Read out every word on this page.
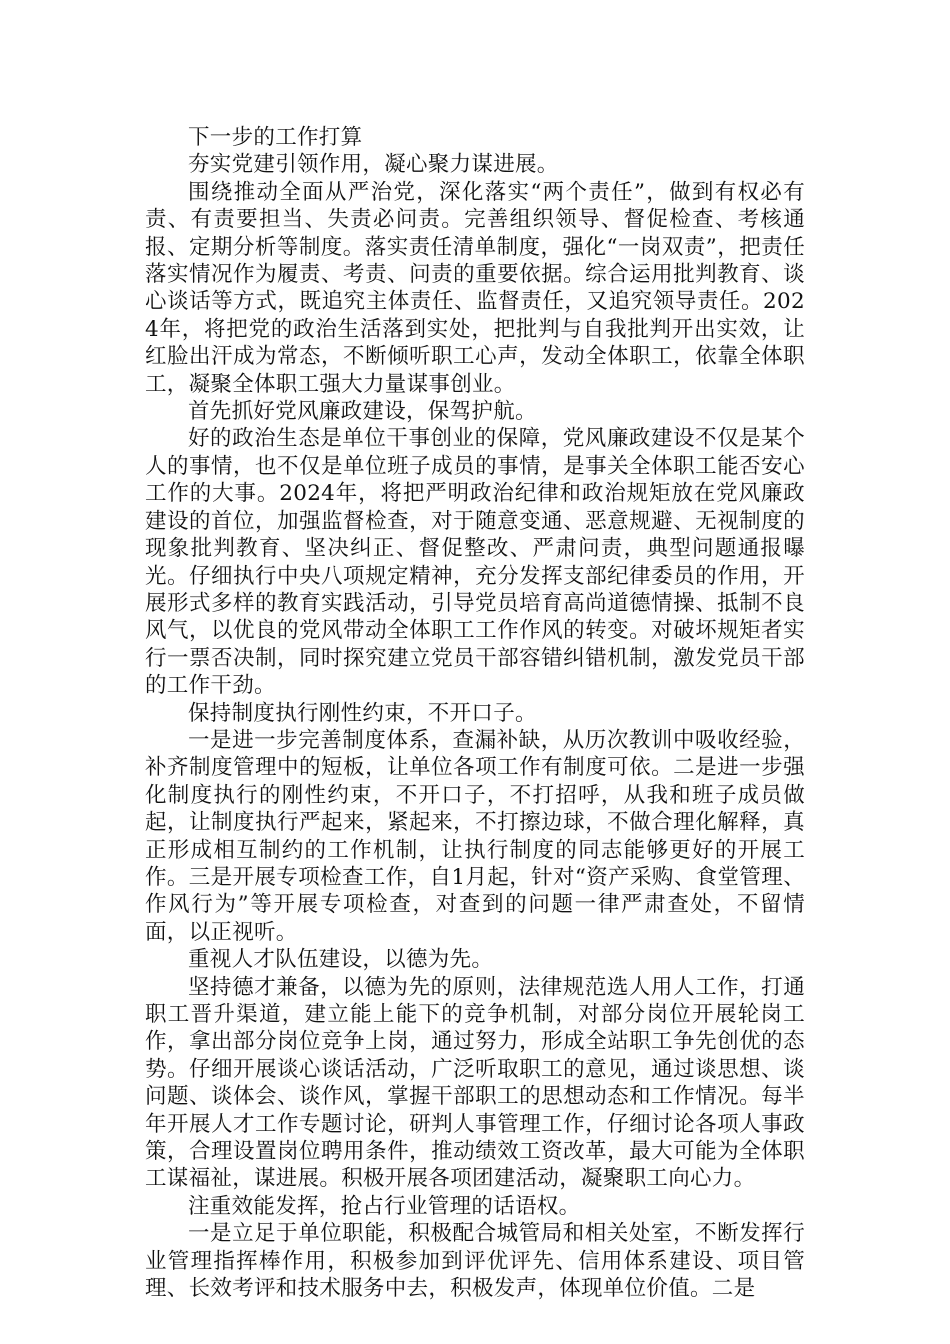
下一步的工作打算

夯实党建引领作用，凝心聚力谋进展。

围绕推动全面从严治党，深化落实“两个责任”，做到有权必有责、有责要担当、失责必问责。完善组织领导、督促检查、考核通报、定期分析等制度。落实责任清单制度，强化“一岗双责”，把责任落实情况作为履责、考责、问责的重要依据。综合运用批判教育、谈心谈话等方式，既追究主体责任、监督责任，又追究领导责任。2024年，将把党的政治生活落到实处，把批判与自我批判开出实效，让红脸出汗成为常态，不断倾听职工心声，发动全体职工，依靠全体职工，凝聚全体职工强大力量谋事创业。

首先抓好党风廉政建设，保驾护航。

好的政治生态是单位干事创业的保障，党风廉政建设不仅是某个人的事情，也不仅是单位班子成员的事情，是事关全体职工能否安心工作的大事。2024年，将把严明政治纪律和政治规矩放在党风廉政建设的首位，加强监督检查，对于随意变通、恶意规避、无视制度的现象批判教育、坚决纠正、督促整改、严肃问责，典型问题通报曝光。仔细执行中央八项规定精神，充分发挥支部纪律委员的作用，开展形式多样的教育实践活动，引导党员培育高尚道德情操、抵制不良风气，以优良的党风带动全体职工工作作风的转变。对破坏规矩者实行一票否决制，同时探究建立党员干部容错纠错机制，激发党员干部的工作干劲。

保持制度执行刚性约束，不开口子。

一是进一步完善制度体系，查漏补缺，从历次教训中吸收经验，补齐制度管理中的短板，让单位各项工作有制度可依。二是进一步强化制度执行的刚性约束，不开口子，不打招呼，从我和班子成员做起，让制度执行严起来，紧起来，不打擦边球，不做合理化解释，真正形成相互制约的工作机制，让执行制度的同志能够更好的开展工作。三是开展专项检查工作，自1月起，针对“资产采购、食堂管理、作风行为”等开展专项检查，对查到的问题一律严肃查处，不留情面，以正视听。

重视人才队伍建设，以德为先。

坚持德才兼备，以德为先的原则，法律规范选人用人工作，打通职工晋升渠道，建立能上能下的竞争机制，对部分岗位开展轮岗工作，拿出部分岗位竞争上岗，通过努力，形成全站职工争先创优的态势。仔细开展谈心谈话活动，广泛听取职工的意见，通过谈思想、谈问题、谈体会、谈作风，掌握干部职工的思想动态和工作情况。每半年开展人才工作专题讨论，研判人事管理工作，仔细讨论各项人事政策，合理设置岗位聘用条件，推动绩效工资改革，最大可能为全体职工谋福祉，谋进展。积极开展各项团建活动，凝聚职工向心力。

注重效能发挥，抢占行业管理的话语权。

一是立足于单位职能，积极配合城管局和相关处室，不断发挥行业管理指挥棒作用，积极参加到评优评先、信用体系建设、项目管理、长效考评和技术服务中去，积极发声，体现单位价值。二是
